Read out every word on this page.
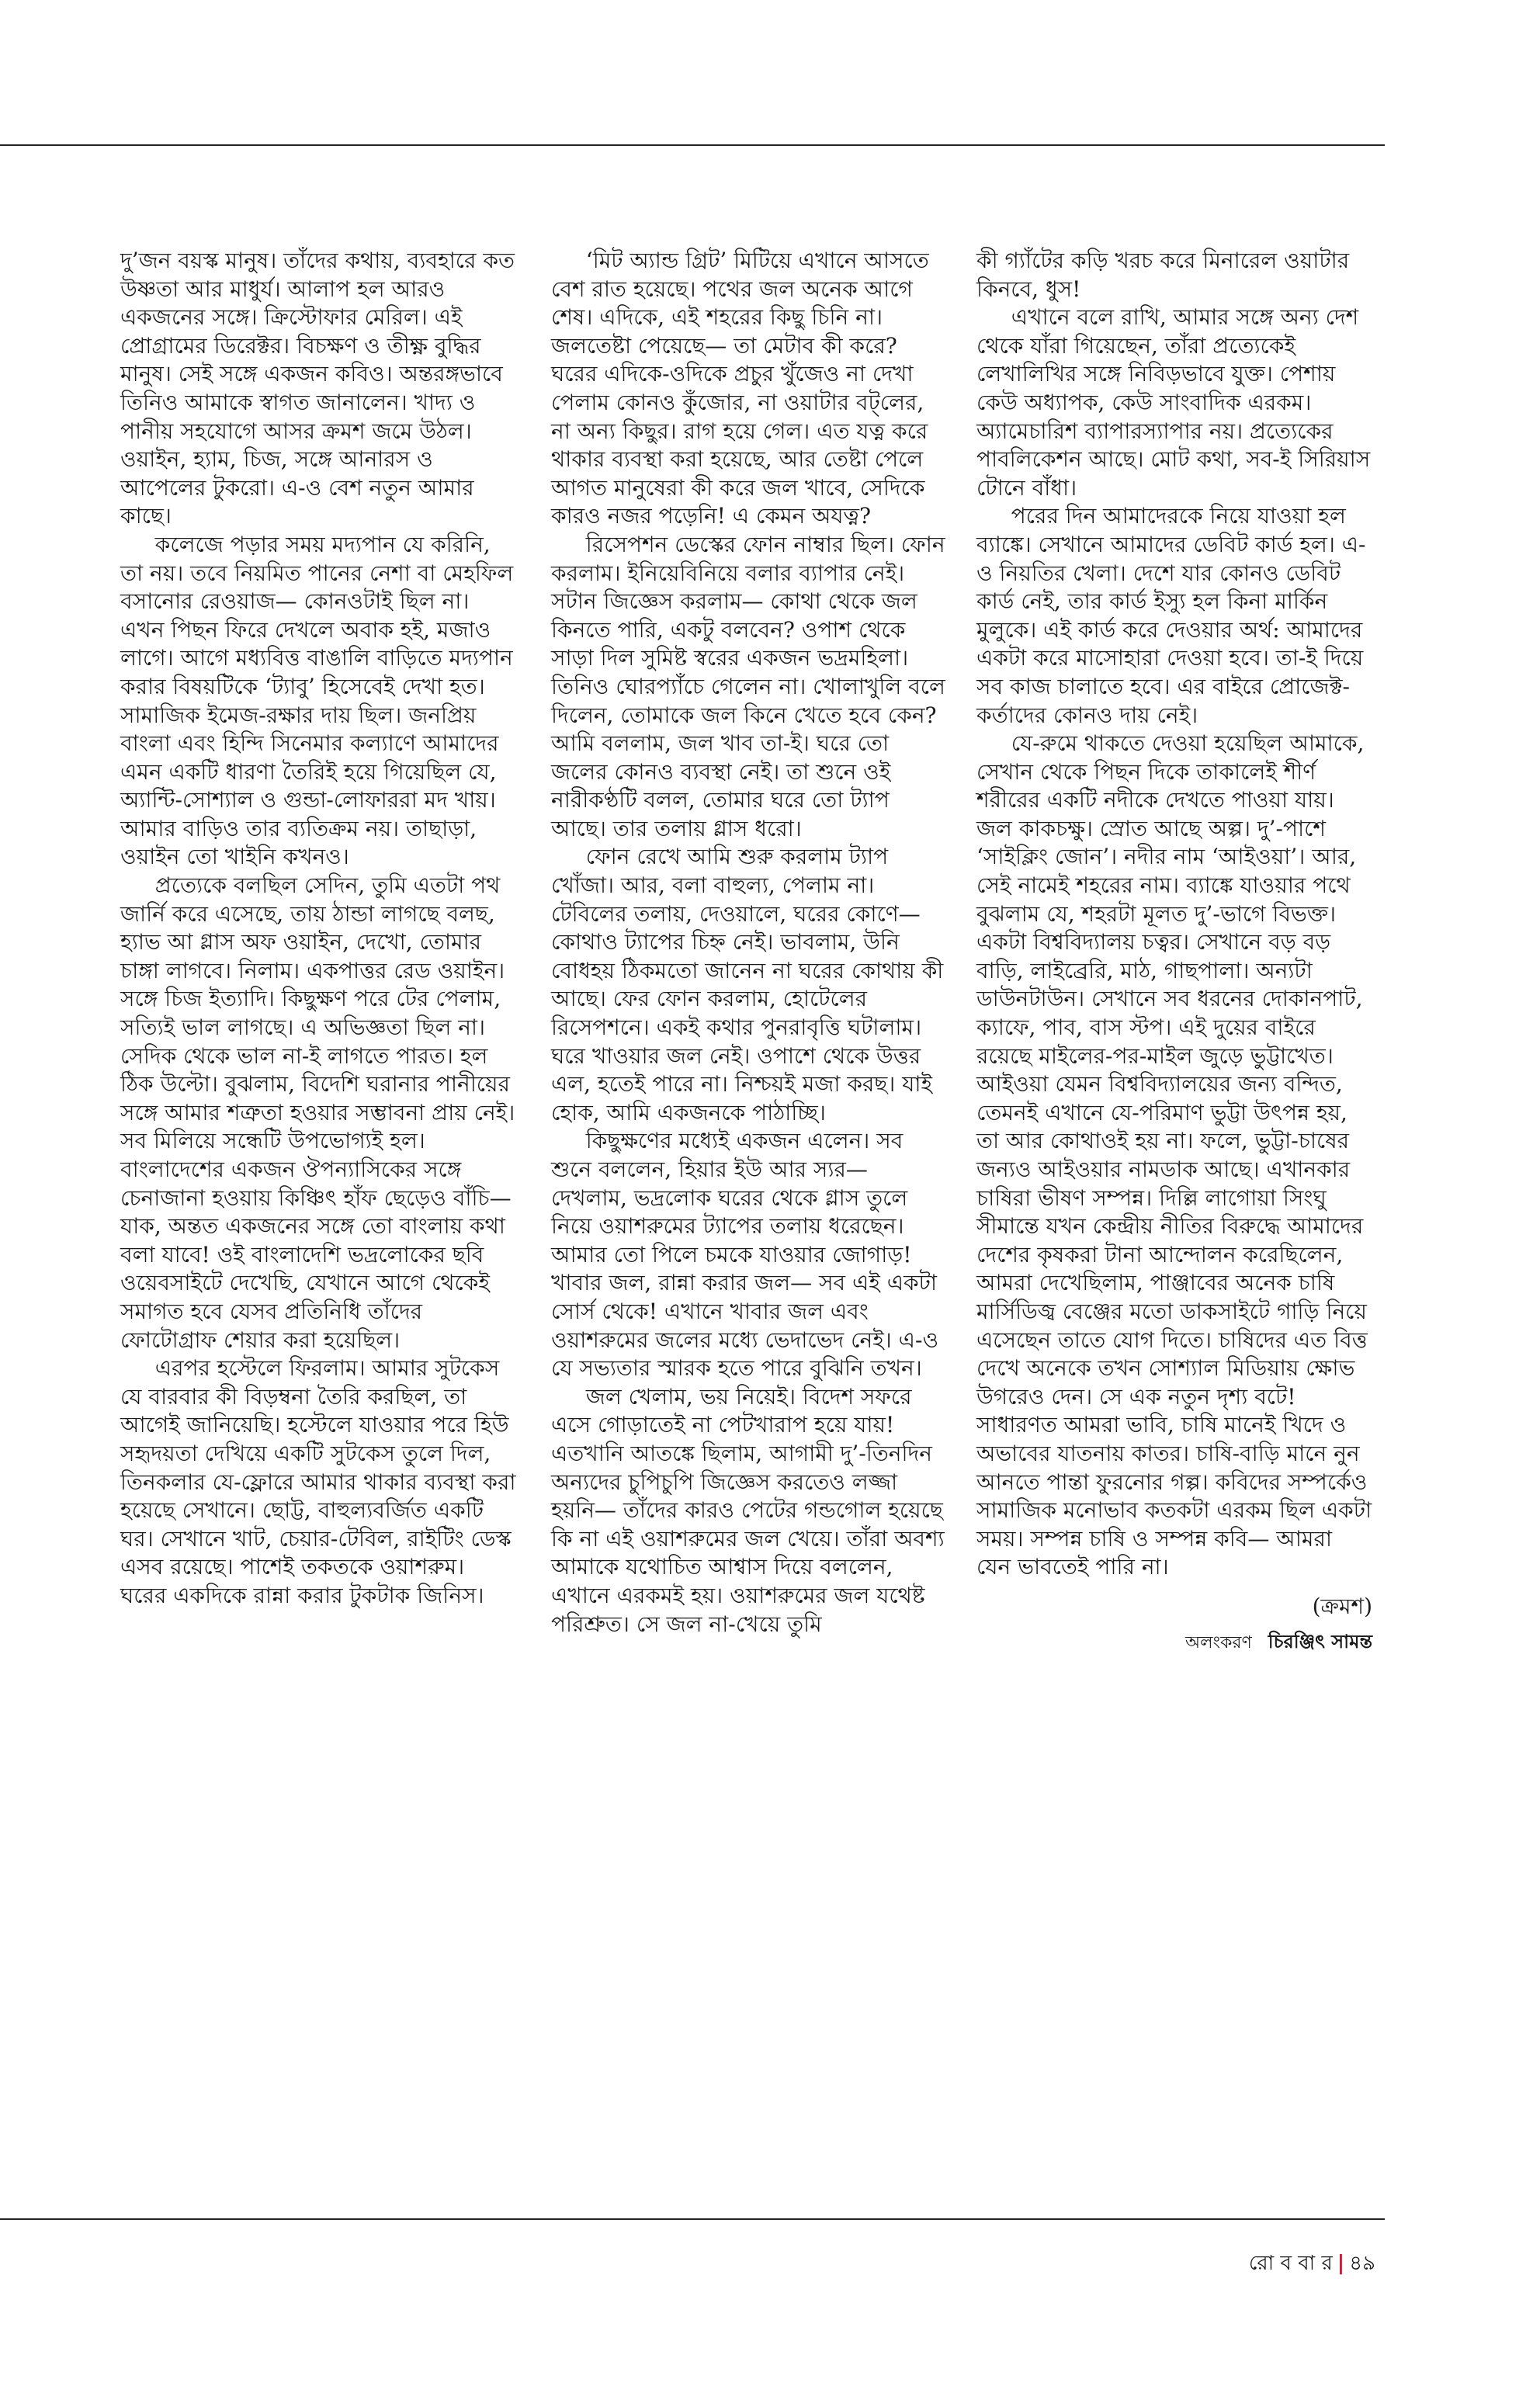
দু’জন বয়স্ক মানুষ। তাঁদের কথায়, ব্যবহারে কত উষ্ণতা আর মাধুর্য। আলাপ হল আরও একজনের সঙ্গে। ক্রিস্টোফার মেরিল। এই প্রোগ্রামের ডিরেক্টর। বিচক্ষণ ও তীক্ষ্ণ বুদ্ধির মানুষ। সেই সঙ্গে একজন কবিও। অন্তরঙ্গভাবে তিনিও আমাকে স্বাগত জানালেন। খাদ্য ও পানীয় সহযোগে আসর ক্রমশ জমে উঠল। ওয়াইন, হ্যাম, চিজ, সঙ্গে আনারস ও আপেলের টুকরো। এ-ও বেশ নতুন আমার কাছে।

কলেজে পড়ার সময় মদ্যপান যে করিনি, তা নয়। তবে নিয়মিত পানের নেশা বা মেহফিল বসানোর রেওয়াজ— কোনওটাই ছিল না। এখন পিছন ফিরে দেখলে অবাক হই, মজাও লাগে। আগে মধ্যবিত্ত বাঙালি বাড়িতে মদ্যপান করার বিষয়টিকে ‘ট্যাবু’ হিসেবেই দেখা হত। সামাজিক ইমেজ-রক্ষার দায় ছিল। জনপ্রিয় বাংলা এবং হিন্দি সিনেমার কল্যাণে আমাদের এমন একটি ধারণা তৈরিই হয়ে গিয়েছিল যে, অ্যান্টি-সোশ্যাল ও গুন্ডা-লোফাররা মদ খায়। আমার বাড়িও তার ব্যতিক্রম নয়। তাছাড়া, ওয়াইন তো খাইনি কখনও।

প্রত্যেকে বলছিল সেদিন, তুমি এতটা পথ জার্নি করে এসেছে, তায় ঠান্ডা লাগছে বলছ, হ্যাভ আ গ্লাস অফ ওয়াইন, দেখো, তোমার চাঙ্গা লাগবে। নিলাম। একপাত্তর রেড ওয়াইন। সঙ্গে চিজ ইত্যাদি। কিছুক্ষণ পরে টের পেলাম, সত্যিই ভাল লাগছে। এ অভিজ্ঞতা ছিল না। সেদিক থেকে ভাল না-ই লাগতে পারত। হল ঠিক উল্টো। বুঝলাম, বিদেশি ঘরানার পানীয়ের সঙ্গে আমার শত্রুতা হওয়ার সম্ভাবনা প্রায় নেই। সব মিলিয়ে সন্ধেটি উপভোগ্যই হল। বাংলাদেশের একজন ঔপন্যাসিকের সঙ্গে চেনাজানা হওয়ায় কিঞ্চিৎ হাঁফ ছেড়েও বাঁচি— যাক, অন্তত একজনের সঙ্গে তো বাংলায় কথা বলা যাবে! ওই বাংলাদেশি ভদ্রলোকের ছবি ওয়েবসাইটে দেখেছি, যেখানে আগে থেকেই সমাগত হবে যেসব প্রতিনিধি তাঁদের ফোটোগ্রাফ শেয়ার করা হয়েছিল।

এরপর হস্টেলে ফিরলাম। আমার সুটকেস যে বারবার কী বিড়ম্বনা তৈরি করছিল, তা আগেই জানিয়েছি। হস্টেলে যাওয়ার পরে হিউ সহৃদয়তা দেখিয়ে একটি সুটকেস তুলে দিল, তিনকলার যে-ফ্লোরে আমার থাকার ব্যবস্থা করা হয়েছে সেখানে। ছোট্ট, বাহুল্যবর্জিত একটি ঘর। সেখানে খাট, চেয়ার-টেবিল, রাইটিং ডেস্ক এসব রয়েছে। পাশেই তকতকে ওয়াশরুম। ঘরের একদিকে রান্না করার টুকটাক জিনিস।

‘মিট অ্যান্ড গ্রিট’ মিটিয়ে এখানে আসতে বেশ রাত হয়েছে। পথের জল অনেক আগে শেষ। এদিকে, এই শহরের কিছু চিনি না। জলতেষ্টা পেয়েছে— তা মেটাব কী করে? ঘরের এদিকে-ওদিকে প্রচুর খুঁজেও না দেখা পেলাম কোনও কুঁজোর, না ওয়াটার বট্‌লের, না অন্য কিছুর। রাগ হয়ে গেল। এত যত্ন করে থাকার ব্যবস্থা করা হয়েছে, আর তেষ্টা পেলে আগত মানুষেরা কী করে জল খাবে, সেদিকে কারও নজর পড়েনি! এ কেমন অযত্ন?

রিসেপশন ডেস্কের ফোন নাম্বার ছিল। ফোন করলাম। ইনিয়েবিনিয়ে বলার ব্যাপার নেই। সটান জিজ্ঞেস করলাম— কোথা থেকে জল কিনতে পারি, একটু বলবেন? ওপাশ থেকে সাড়া দিল সুমিষ্ট স্বরের একজন ভদ্রমহিলা। তিনিও ঘোরপ্যাঁচে গেলেন না। খোলাখুলি বলে দিলেন, তোমাকে জল কিনে খেতে হবে কেন? আমি বললাম, জল খাব তা-ই। ঘরে তো জলের কোনও ব্যবস্থা নেই। তা শুনে ওই নারীকণ্ঠটি বলল, তোমার ঘরে তো ট্যাপ আছে। তার তলায় গ্লাস ধরো।

ফোন রেখে আমি শুরু করলাম ট্যাপ খোঁজা। আর, বলা বাহুল্য, পেলাম না। টেবিলের তলায়, দেওয়ালে, ঘরের কোণে— কোথাও ট্যাপের চিহ্ন নেই। ভাবলাম, উনি বোধহয় ঠিকমতো জানেন না ঘরের কোথায় কী আছে। ফের ফোন করলাম, হোটেলের রিসেপশনে। একই কথার পুনরাবৃত্তি ঘটালাম। ঘরে খাওয়ার জল নেই। ওপাশে থেকে উত্তর এল, হতেই পারে না। নিশ্চয়ই মজা করছ। যাই হোক, আমি একজনকে পাঠাচ্ছি।

কিছুক্ষণের মধ্যেই একজন এলেন। সব শুনে বললেন, হিয়ার ইউ আর স্যর— দেখলাম, ভদ্রলোক ঘরের থেকে গ্লাস তুলে নিয়ে ওয়াশরুমের ট্যাপের তলায় ধরেছেন। আমার তো পিলে চমকে যাওয়ার জোগাড়! খাবার জল, রান্না করার জল— সব এই একটা সোর্স থেকে! এখানে খাবার জল এবং ওয়াশরুমের জলের মধ্যে ভেদাভেদ নেই। এ-ও যে সভ্যতার স্মারক হতে পারে বুঝিনি তখন।

জল খেলাম, ভয় নিয়েই। বিদেশ সফরে এসে গোড়াতেই না পেটখারাপ হয়ে যায়! এতখানি আতঙ্কে ছিলাম, আগামী দু’-তিনদিন অন্যদের চুপিচুপি জিজ্ঞেস করতেও লজ্জা হয়নি— তাঁদের কারও পেটের গন্ডগোল হয়েছে কি না এই ওয়াশরুমের জল খেয়ে। তাঁরা অবশ্য আমাকে যথোচিত আশ্বাস দিয়ে বললেন, এখানে এরকমই হয়। ওয়াশরুমের জল যথেষ্ট পরিশ্রুত। সে জল না-খেয়ে তুমি

কী গ্যাঁটের কড়ি খরচ করে মিনারেল ওয়াটার কিনবে, ধুস!

এখানে বলে রাখি, আমার সঙ্গে অন্য দেশ থেকে যাঁরা গিয়েছেন, তাঁরা প্রত্যেকেই লেখালিখির সঙ্গে নিবিড়ভাবে যুক্ত। পেশায় কেউ অধ্যাপক, কেউ সাংবাদিক এরকম। অ্যামেচারিশ ব্যাপারস্যাপার নয়। প্রত্যেকের পাবলিকেশন আছে। মোট কথা, সব-ই সিরিয়াস টোনে বাঁধা।

পরের দিন আমাদেরকে নিয়ে যাওয়া হল ব্যাঙ্কে। সেখানে আমাদের ডেবিট কার্ড হল। এ-ও নিয়তির খেলা। দেশে যার কোনও ডেবিট কার্ড নেই, তার কার্ড ইস্যু হল কিনা মার্কিন মুলুকে। এই কার্ড করে দেওয়ার অর্থ: আমাদের একটা করে মাসোহারা দেওয়া হবে। তা-ই দিয়ে সব কাজ চালাতে হবে। এর বাইরে প্রোজেক্ট-কর্তাদের কোনও দায় নেই।

যে-রুমে থাকতে দেওয়া হয়েছিল আমাকে, সেখান থেকে পিছন দিকে তাকালেই শীর্ণ শরীরের একটি নদীকে দেখতে পাওয়া যায়। জল কাকচক্ষু। স্রোত আছে অল্প। দু’-পাশে ‘সাইক্লিং জোন’। নদীর নাম ‘আইওয়া’। আর, সেই নামেই শহরের নাম। ব্যাঙ্কে যাওয়ার পথে বুঝলাম যে, শহরটা মূলত দু’-ভাগে বিভক্ত। একটা বিশ্ববিদ্যালয় চত্বর। সেখানে বড় বড় বাড়ি, লাইব্রেরি, মাঠ, গাছপালা। অন্যটা ডাউনটাউন। সেখানে সব ধরনের দোকানপাট, ক্যাফে, পাব, বাস স্টপ। এই দুয়ের বাইরে রয়েছে মাইলের-পর-মাইল জুড়ে ভুট্টাখেত। আইওয়া যেমন বিশ্ববিদ্যালয়ের জন্য বন্দিত, তেমনই এখানে যে-পরিমাণ ভুট্টা উৎপন্ন হয়, তা আর কোথাওই হয় না। ফলে, ভুট্টা-চাষের জন্যও আইওয়ার নামডাক আছে। এখানকার চাষিরা ভীষণ সম্পন্ন। দিল্লি লাগোয়া সিংঘু সীমান্তে যখন কেন্দ্রীয় নীতির বিরুদ্ধে আমাদের দেশের কৃষকরা টানা আন্দোলন করেছিলেন, আমরা দেখেছিলাম, পাঞ্জাবের অনেক চাষি মার্সিডিজ্ব বেঞ্জের মতো ডাকসাইটে গাড়ি নিয়ে এসেছেন তাতে যোগ দিতে। চাষিদের এত বিত্ত দেখে অনেকে তখন সোশ্যাল মিডিয়ায় ক্ষোভ উগরেও দেন। সে এক নতুন দৃশ্য বটে! সাধারণত আমরা ভাবি, চাষি মানেই খিদে ও অভাবের যাতনায় কাতর। চাষি-বাড়ি মানে নুন আনতে পান্তা ফুরনোর গল্প। কবিদের সম্পর্কেও সামাজিক মনোভাব কতকটা এরকম ছিল একটা সময়। সম্পন্ন চাষি ও সম্পন্ন কবি— আমরা যেন ভাবতেই পারি না।

(ক্রমশ)

অলংকরণ চিরঞ্জিৎ সামন্ত

রো ব বা র | ৪৯
